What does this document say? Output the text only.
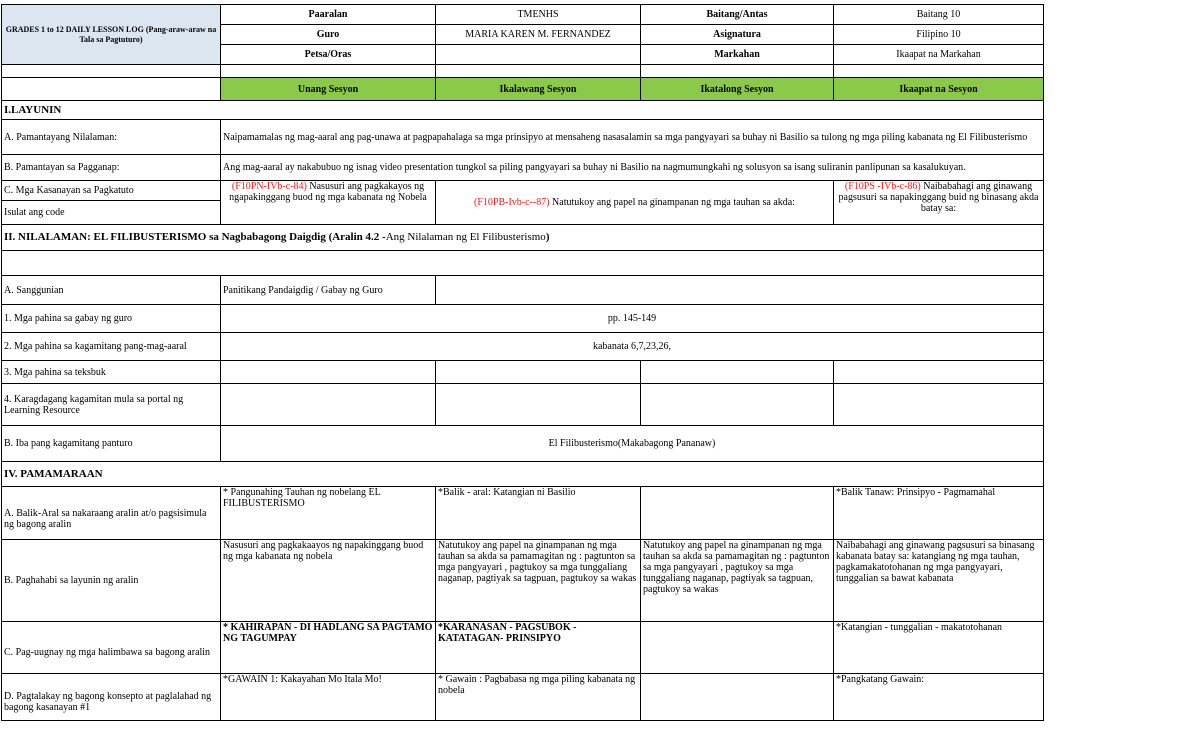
GRADES 1 to 12 DAILY LESSON LOG (Pang-araw-araw na Tala sa Pagtuturo)	Paaralan	TMENHS	Baitang/Antas	Baitang 10
	Guro	MARIA KAREN M. FERNANDEZ	Asignatura	Filipino 10
	Petsa/Oras		Markahan	Ikaapat na Markahan

	Unang Sesyon	Ikalawang Sesyon	Ikatalong Sesyon	Ikaapat na Sesyon
I.LAYUNIN				
A. Pamantayang Nilalaman:	Naipamamalas ng mag-aaral ang pag-unawa at pagpapahalaga sa mga prinsipyo at mensaheng nasasalamin sa mga pangyayari sa buhay ni Basilio sa tulong ng mga piling kabanata ng El Filibusterismo			
B. Pamantayan sa Pagganap:	Ang mag-aaral ay nakabubuo ng isnag video presentation tungkol sa piling pangyayari sa buhay ni Basilio na nagmumungkahi ng solusyon sa isang suliranin panlipunan sa kasalukuyan.			
C. Mga Kasanayan sa Pagkatuto	(F10PN-IVb-c-84) Nasusuri ang pagkakayos ng ngapakinggang buod ng mga kabanata ng Nobela	(F10PB-Ivb-c--87) Natutukoy ang papel na ginampanan ng mga tauhan sa akda:		(F10PS -IVb-c-86) Naibabahagi ang ginawang pagsusuri sa napakinggang buid ng binasang akda batay sa:
Isulat ang code				
II. NILALAMAN: EL FILIBUSTERISMO sa Nagbabagong Daigdig (Aralin 4.2 -Ang Nilalaman ng El Filibusterismo)				

A. Sanggunian	Panitikang Pandaigdig / Gabay ng Guro			
1. Mga pahina sa gabay ng guro	pp. 145-149			
2. Mga pahina sa kagamitang pang-mag-aaral	kabanata 6,7,23,26,			
3. Mga pahina sa teksbuk				
4. Karagdagang kagamitan mula sa portal ng Learning Resource				
B. Iba pang kagamitang panturo	El Filibusterismo(Makabagong Pananaw)			
IV. PAMAMARAAN				
A. Balik-Aral sa nakaraang aralin at/o pagsisimula ng bagong aralin	* Pangunahing Tauhan ng nobelang EL FILIBUSTERISMO	*Balik - aral: Katangian ni Basilio		*Balik Tanaw: Prinsipyo - Pagmamahal
B. Paghahabi sa layunin ng aralin	Nasusuri ang pagkakaayos ng napakinggang buod ng mga kabanata ng nobela	Natutukoy ang papel na ginampanan ng mga tauhan sa akda sa pamamagitan ng : pagtunton sa mga pangyayari , pagtukoy sa mga tunggaliang naganap, pagtiyak sa tagpuan, pagtukoy sa wakas	Natutukoy ang papel na ginampanan ng mga tauhan sa akda sa pamamagitan ng : pagtunton sa mga pangyayari , pagtukoy sa mga tunggaliang naganap, pagtiyak sa tagpuan, pagtukoy sa wakas	Naibabahagi ang ginawang pagsusuri sa binasang kabanata batay sa: katangiang ng mga tauhan, pagkamakatotohanan ng mga pangyayari, tunggalian sa bawat kabanata
C. Pag-uugnay ng mga halimbawa sa bagong aralin	* KAHIRAPAN - DI HADLANG SA PAGTAMO NG TAGUMPAY	*KARANASAN - PAGSUBOK - KATATAGAN- PRINSIPYO		*Katangian - tunggalian - makatotohanan
D. Pagtalakay ng bagong konsepto at paglalahad ng bagong kasanayan #1	*GAWAIN 1: Kakayahan Mo Itala Mo!	* Gawain : Pagbabasa ng mga piling kabanata ng nobela		*Pangkatang Gawain:
